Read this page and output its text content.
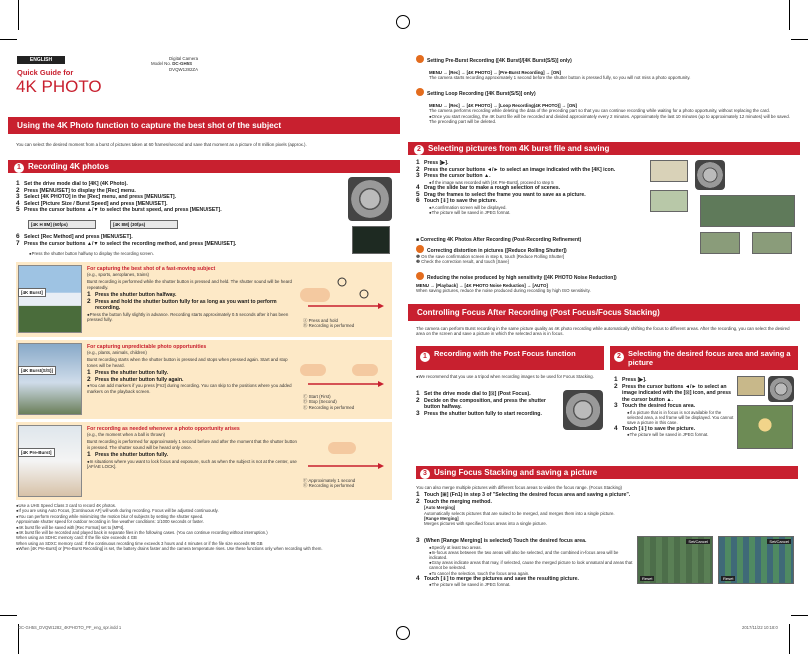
ENGLISH
Quick Guide for
4K PHOTO
Digital Camera
Model No. DC-GH5S
DVQW1282ZA
Using the 4K Photo function to capture the best shot of the subject
You can select the desired moment from a burst of pictures taken at 60 frames/second and save that moment as a picture of 8 million pixels (approx.).
1 Recording 4K photos
1 Set the drive mode dial to [4K] (4K Photo).
2 Press [MENU/SET] to display the [Rec] menu.
3 Select [4K PHOTO] in the [Rec] menu, and press [MENU/SET].
4 Select [Picture Size / Burst Speed] and press [MENU/SET].
5 Press the cursor buttons ▲/▼ to select the burst speed, and press [MENU/SET].
[4K H 8M] (60fps)	[4K 8M] (30fps)
6 Select [Rec Method] and press [MENU/SET].
7 Press the cursor buttons ▲/▼ to select the recording method, and press [MENU/SET].
●Press the shutter button halfway to display the recording screen.
[4K Burst]
For capturing the best shot of a fast-moving subject
(e.g., sports, aeroplanes, trains)
Burst recording is performed while the shutter button is pressed and held. The shutter sound will be heard repeatedly.
1 Press the shutter button halfway.
2 Press and hold the shutter button fully for as long as you want to perform recording.
●Press the button fully slightly in advance. Recording starts approximately 0.5 seconds after it has been pressed fully.	Ⓐ Press and hold
Ⓑ Recording is performed
[4K Burst(S/S)]
For capturing unpredictable photo opportunities
(e.g., plants, animals, children)
Burst recording starts when the shutter button is pressed and stops when pressed again. Start and stop tones will be heard.
1 Press the shutter button fully.
2 Press the shutter button fully again.
●You can add markers if you press [Fn2] during recording. You can skip to the positions where you added markers on the playback screen.
Ⓒ Start (First)
Ⓓ Stop (Second)
Ⓔ Recording is performed
[4K Pre-Burst]
For recording as needed whenever a photo opportunity arises
(e.g., the moment when a ball is thrown)
Burst recording is performed for approximately 1 second before and after the moment that the shutter button is pressed. The shutter sound will be heard only once.
1 Press the shutter button fully.
●In situations where you want to lock focus and exposure, such as when the subject is not at the center, use [AF/AE LOCK].
Ⓕ Approximately 1 second
Ⓖ Recording is performed
●Use a UHS Speed Class 3 card to record 4K photos.
●If you are using Auto Focus, [Continuous AF] will work during recording. Focus will be adjusted continuously.
●You can perform recording while minimizing the motion blur of subjects by setting the shutter speed.
Approximate shutter speed for outdoor recording in fine weather conditions: 1/1000 seconds or faster.
●4K burst file will be saved with [Rec Format] set to [MP4].
●4K burst file will be recorded and played back in separate files in the following cases. (You can continue recording without interruption.)
When using an SDHC memory card: If the file size exceeds 4 GB
When using an SDXC memory card: If the continuous recording time exceeds 3 hours and 4 minutes or if the file size exceeds 96 GB
●When [4K Pre-Burst] or [Pre-Burst Recording] is set, the battery drains faster and the camera temperature rises. Use these functions only when recording with them.
Setting Pre-Burst Recording ([4K Burst]/[4K Burst(S/S)] only)
MENU → [Rec] → [4K PHOTO] → [Pre-Burst Recording] → [ON]
The camera starts recording approximately 1 second before the shutter button is pressed fully, so you will not miss a photo opportunity.
Setting Loop Recording ([4K Burst(S/S)] only)
MENU → [Rec] → [4K PHOTO] → [Loop Recording(4K PHOTO)] → [ON]
The camera performs recording while deleting the data of the preceding part so that you can continue recording while waiting for a photo opportunity, without replacing the card.
●Once you start recording, the 4K burst file will be recorded and divided approximately every 2 minutes. Approximately the last 10 minutes (up to approximately 12 minutes) will be saved. The preceding part will be deleted.
2 Selecting pictures from 4K burst file and saving
1 Press [▶].
2 Press the cursor buttons ◄/► to select an image indicated with the [4K] icon.
3 Press the cursor button ▲.
●If the image was recorded with [4K Pre-Burst], proceed to step 5
4 Drag the slide bar to make a rough selection of scenes.
5 Drag the frames to select the frame you want to save as a picture.
6 Touch [⇓] to save the picture.
●A confirmation screen will be displayed.
●The picture will be saved in JPEG format.
■ Correcting 4K Photos After Recording (Post-Recording Refinement)
Correcting distortion in pictures ([Reduce Rolling Shutter])
❶ On the save confirmation screen in step 6, touch [Reduce Rolling Shutter]
❷ Check the correction result, and touch [Save]
Reducing the noise produced by high sensitivity ([4K PHOTO Noise Reduction])
MENU → [Playback] → [4K PHOTO Noise Reduction] → [AUTO]
When saving pictures, reduce the noise produced during recording by high ISO sensitivity.
Controlling Focus After Recording (Post Focus/Focus Stacking)
The camera can perform Burst recording in the same picture quality as 4K photo recording while automatically shifting the focus to different areas. After the recording, you can select the desired area on the screen and save a picture in which the selected area is in focus.
1 Recording with the Post Focus function
●We recommend that you use a tripod when recording images to be used for Focus Stacking.
1 Set the drive mode dial to [⊡] (Post Focus).
2 Decide on the composition, and press the shutter button halfway.
3 Press the shutter button fully to start recording.
2 Selecting the desired focus area and saving a picture
1 Press [▶].
2 Press the cursor buttons ◄/► to select an image indicated with the [⊡] icon, and press the cursor button ▲.
3 Touch the desired focus area.
●If a picture that is in focus is not available for the selected area, a red frame will be displayed. You cannot save a picture in this case.
4 Touch [⇓] to save the picture.
●The picture will be saved in JPEG format.
3 Using Focus Stacking and saving a picture
You can also merge multiple pictures with different focus areas to widen the focus range. (Focus Stacking)
1 Touch [⊞] (Fn1) in step 3 of "Selecting the desired focus area and saving a picture".
2 Touch the merging method.
[Auto Merging]
Automatically selects pictures that are suited to be merged, and merges them into a single picture.
[Range Merging]
Merges pictures with specified focus areas into a single picture.
3 (When [Range Merging] is selected) Touch the desired focus area.
●Specify at least two areas.
●In-focus areas between the two areas will also be selected, and the combined in-focus area will be indicated.
●Gray areas indicate areas that may, if selected, cause the merged picture to look unnatural and areas that cannot be selected.
●To cancel the selection, touch the focus area again.
4 Touch [⇓] to merge the pictures and save the resulting picture.
●The picture will be saved in JPEG format.
Set/Cancel
Reset
Set/Cancel
Reset
DC-GH5S_DVQW1282_4KPHOTO_PF_eng_spr.indd 1	2017/11/22 10:18:0
